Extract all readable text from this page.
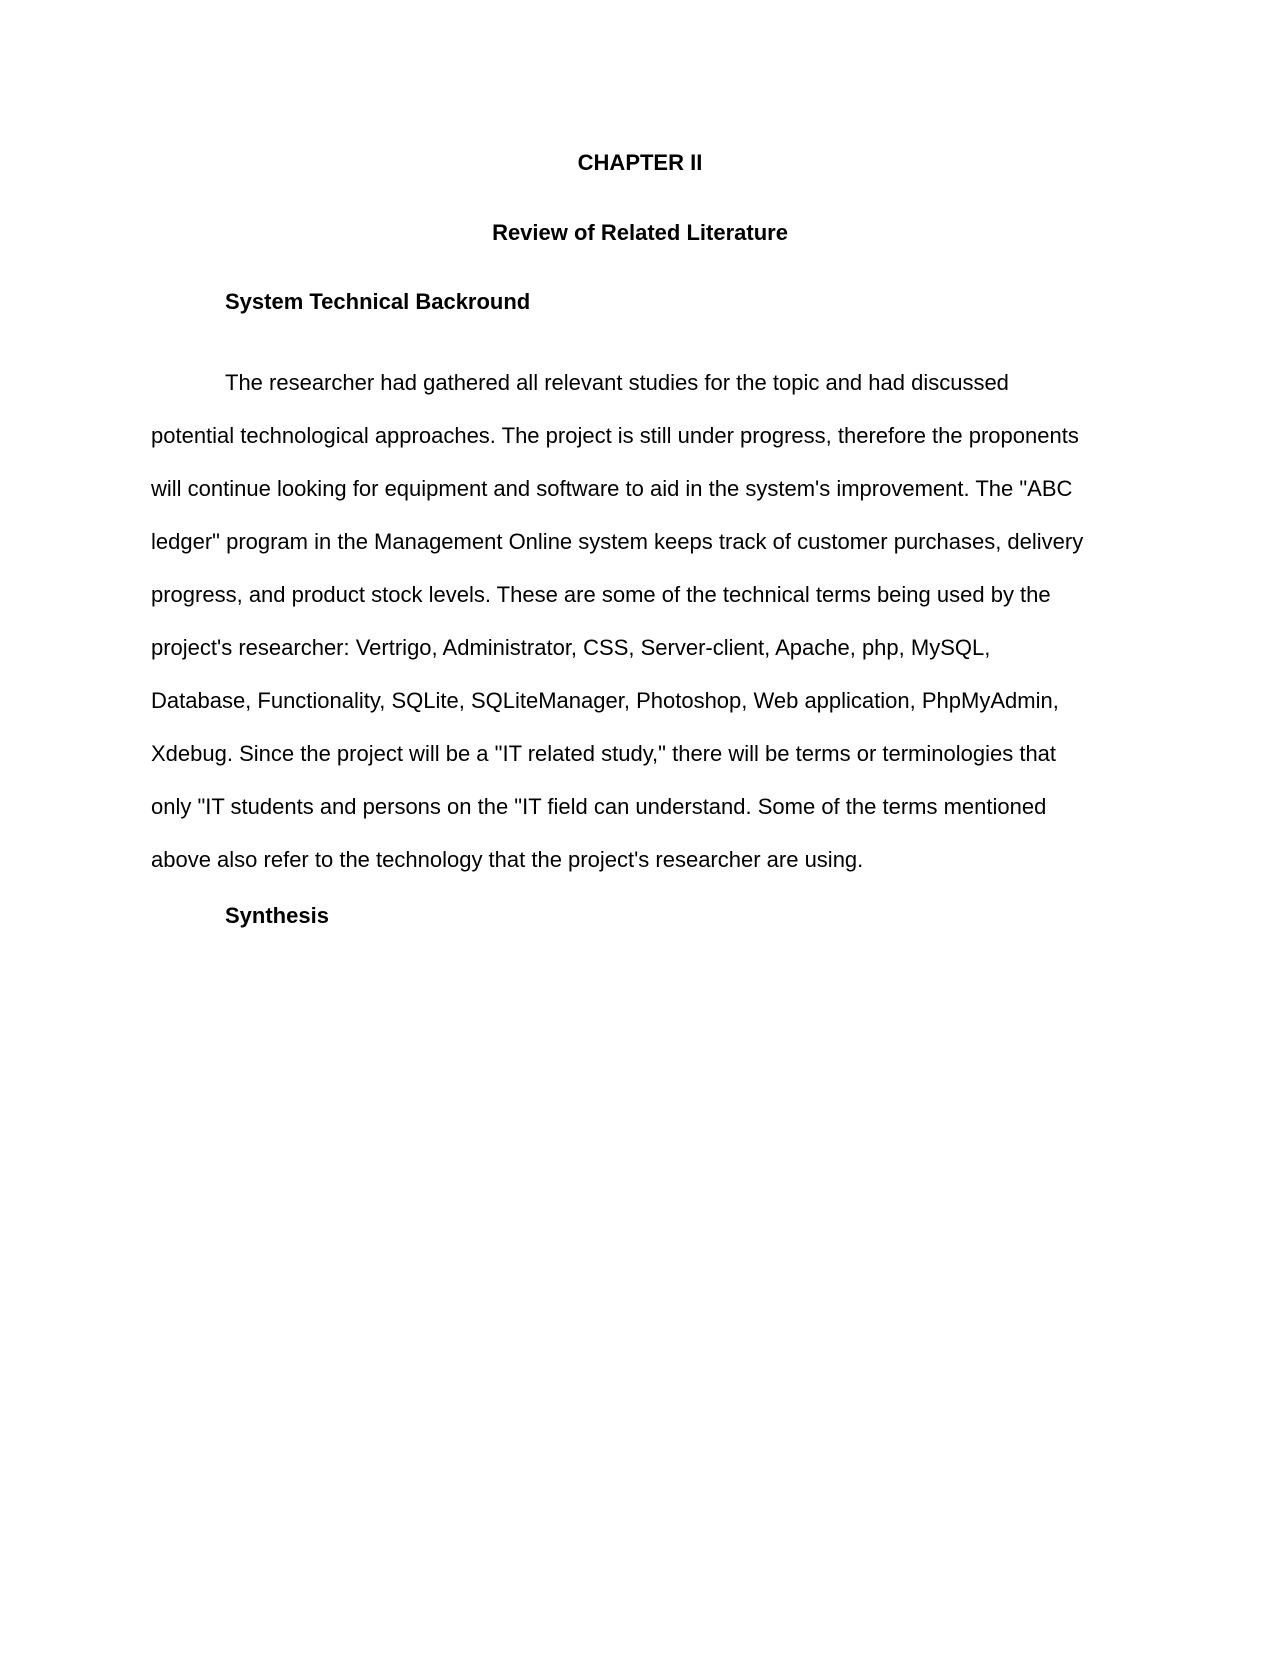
CHAPTER II
Review of Related Literature
System Technical Backround

The researcher had gathered all relevant studies for the topic and had discussed
potential technological approaches. The project is still under progress, therefore the proponents
will continue looking for equipment and software to aid in the system's improvement. The "ABC
ledger" program in the Management Online system keeps track of customer purchases, delivery
progress, and product stock levels. These are some of the technical terms being used by the
project's researcher: Vertrigo, Administrator, CSS, Server-client, Apache, php, MySQL,
Database, Functionality, SQLite, SQLiteManager, Photoshop, Web application, PhpMyAdmin,
Xdebug. Since the project will be a "IT related study," there will be terms or terminologies that
only "IT students and persons on the "IT field can understand. Some of the terms mentioned
above also refer to the technology that the project's researcher are using.

Synthesis
